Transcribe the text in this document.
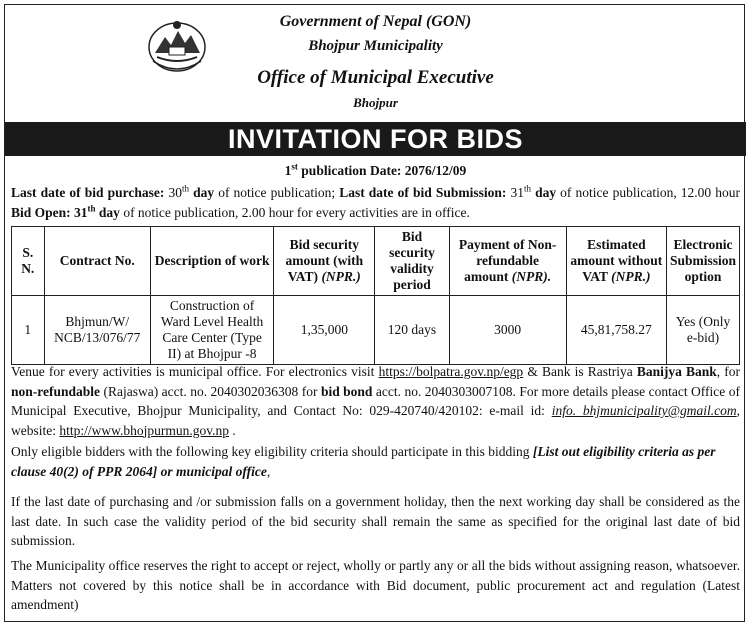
Government of Nepal (GON)
Bhojpur Municipality
Office of Municipal Executive
Bhojpur
INVITATION FOR BIDS
1st publication Date: 2076/12/09
Last date of bid purchase: 30th day of notice publication; Last date of bid Submission: 31th day of notice publication, 12.00 hour Bid Open: 31th day of notice publication, 2.00 hour for every activities are in office.
S. N.	Contract No.	Description of work	Bid security amount (with VAT) (NPR.)	Bid security validity period	Payment of Non-refundable amount (NPR).	Estimated amount without VAT (NPR.)	Electronic Submission option
1	Bhjmun/W/ NCB/13/076/77	Construction of Ward Level Health Care Center (Type II) at Bhojpur -8	1,35,000	120 days	3000	45,81,758.27	Yes (Only e-bid)
Venue for every activities is municipal office. For electronics visit https://bolpatra.gov.np/egp & Bank is Rastriya Banijya Bank, for non-refundable (Rajaswa) acct. no. 2040302036308 for bid bond acct. no. 2040303007108. For more details please contact Office of Municipal Executive, Bhojpur Municipality, and Contact No: 029-420740/420102: e-mail id: info. bhjmunicipality@gmail.com, website: http://www.bhojpurmun.gov.np .
Only eligible bidders with the following key eligibility criteria should participate in this bidding [List out eligibility criteria as per clause 40(2) of PPR 2064] or municipal office,
If the last date of purchasing and /or submission falls on a government holiday, then the next working day shall be considered as the last date. In such case the validity period of the bid security shall remain the same as specified for the original last date of bid submission.
The Municipality office reserves the right to accept or reject, wholly or partly any or all the bids without assigning reason, whatsoever. Matters not covered by this notice shall be in accordance with Bid document, public procurement act and regulation (Latest amendment)
